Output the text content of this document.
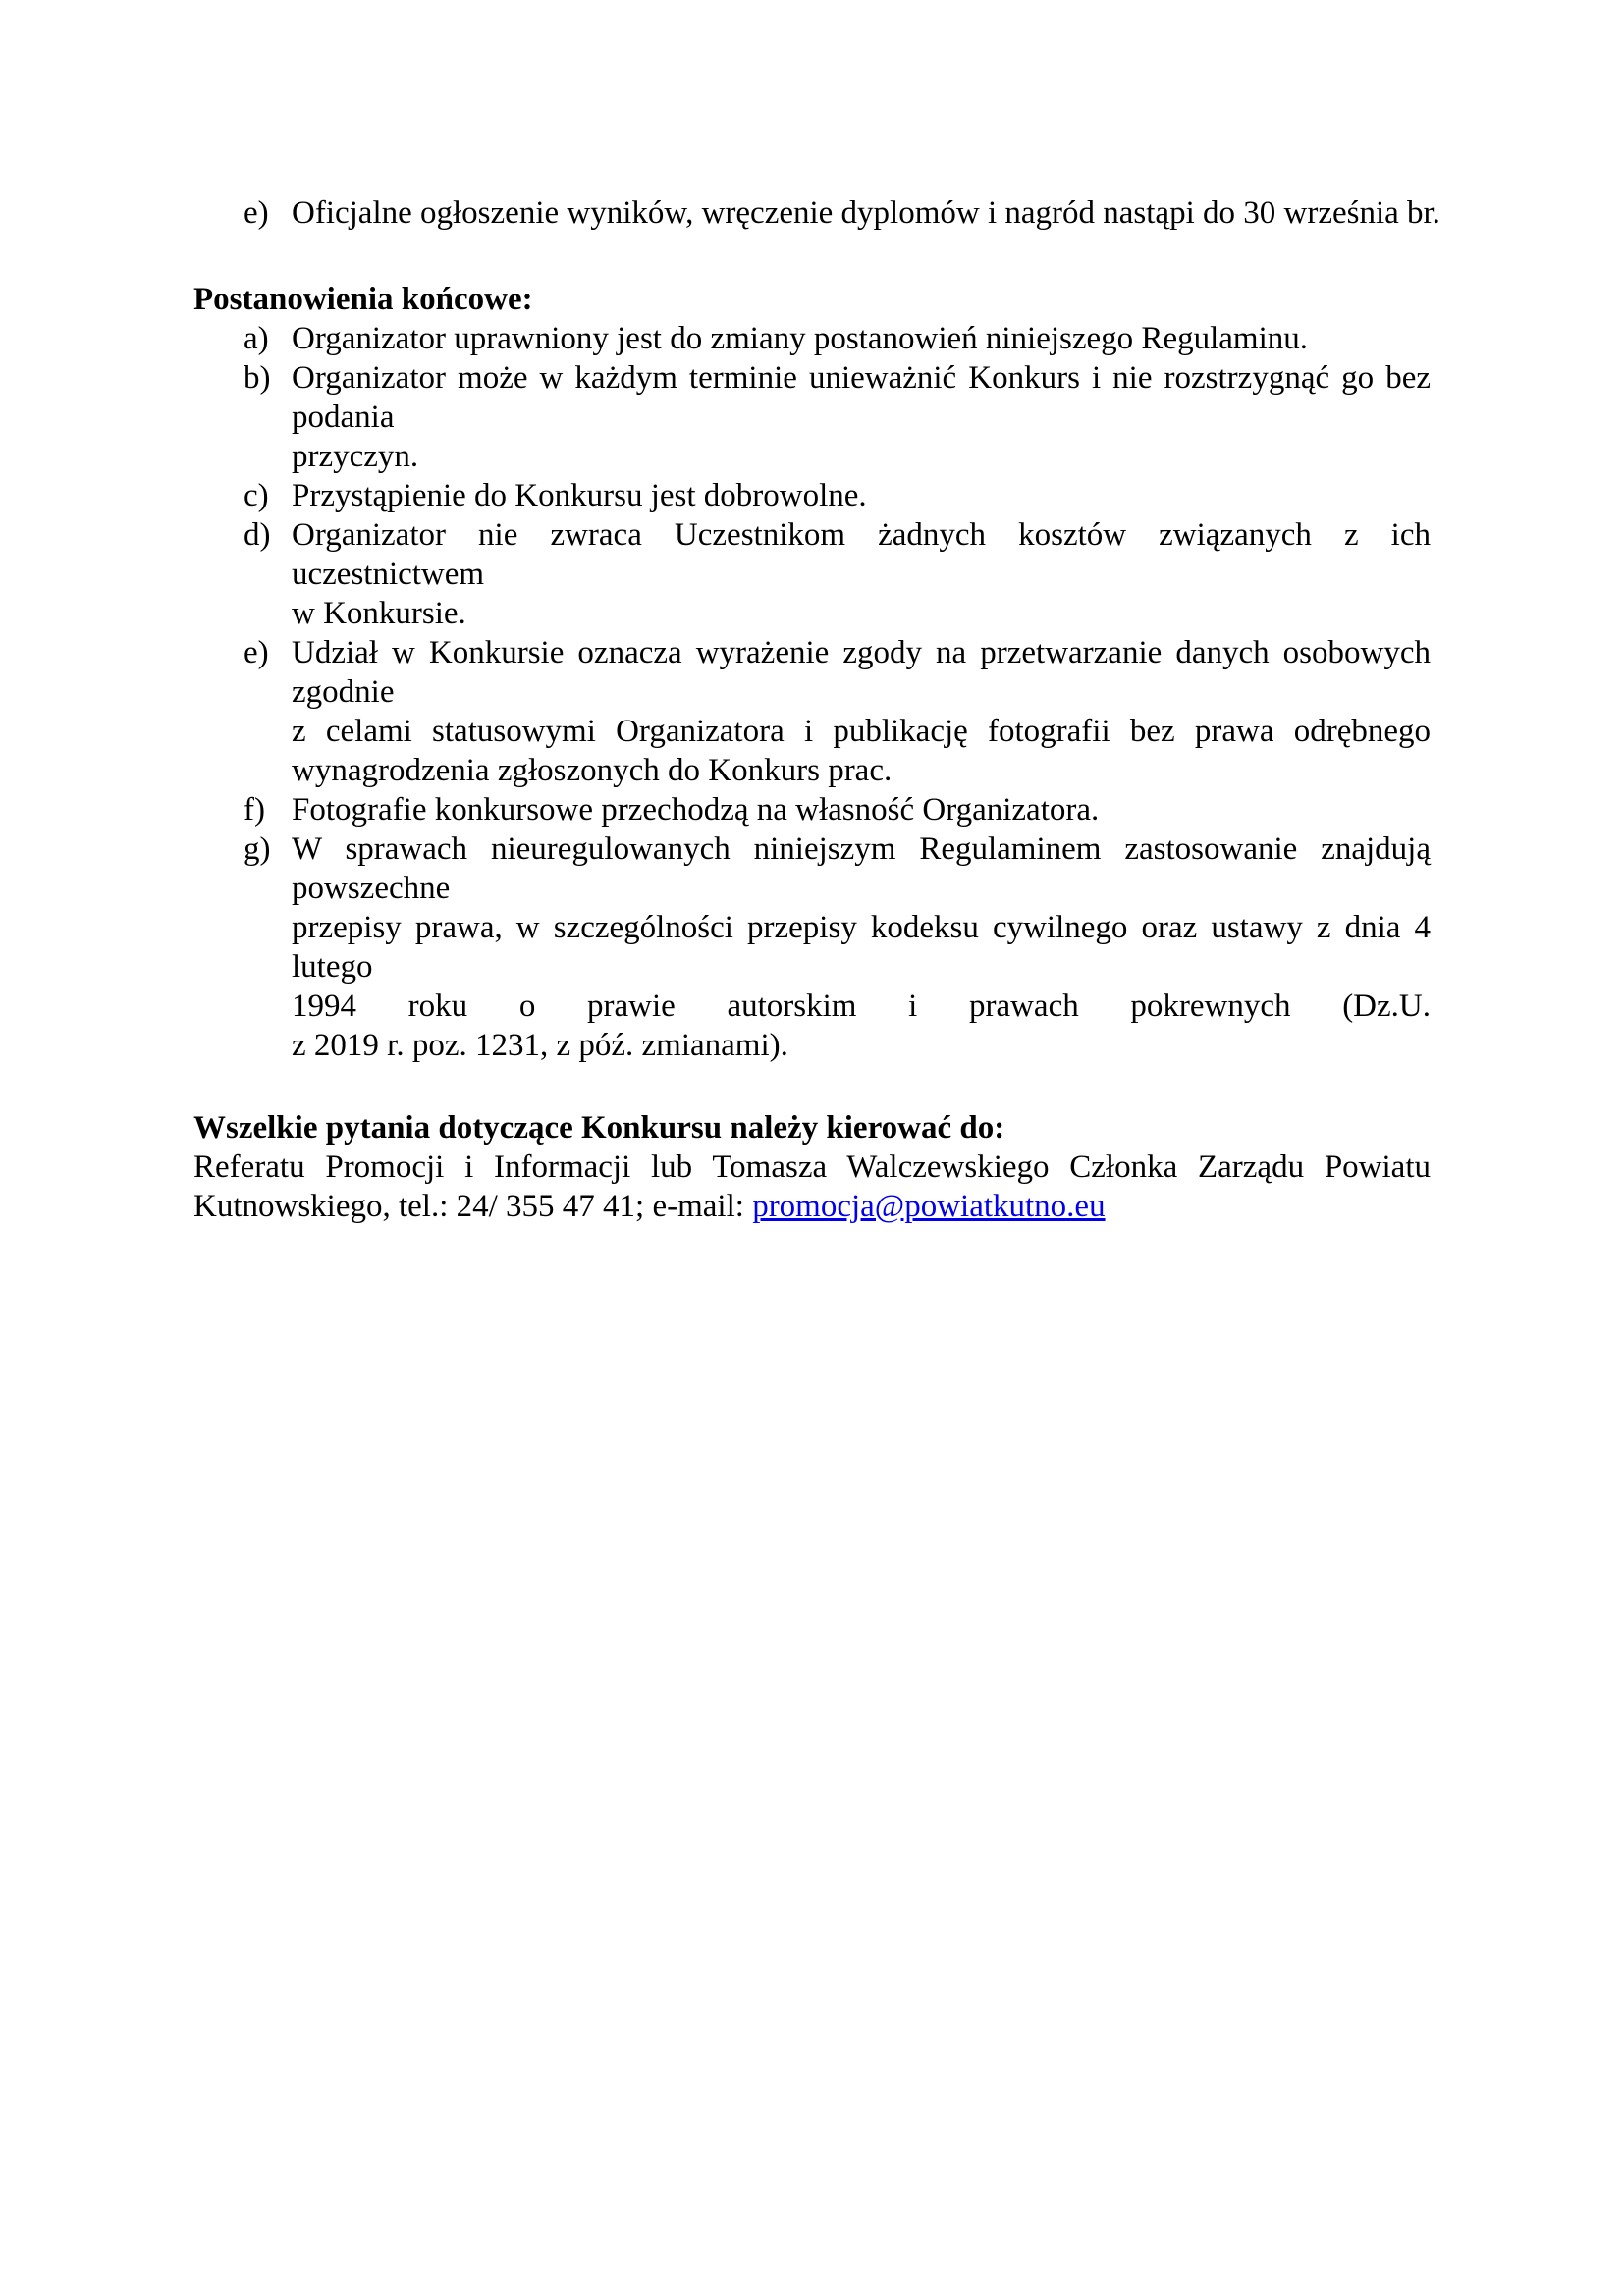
e) Oficjalne ogłoszenie wyników, wręczenie dyplomów i nagród nastąpi do 30 września br.
Postanowienia końcowe:
a) Organizator uprawniony jest do zmiany postanowień niniejszego Regulaminu.
b) Organizator może w każdym terminie unieważnić Konkurs i nie rozstrzygnąć go bez podania
przyczyn.
c) Przystąpienie do Konkursu jest dobrowolne.
d) Organizator nie zwraca Uczestnikom żadnych kosztów związanych z ich uczestnictwem
w Konkursie.
e) Udział w Konkursie oznacza wyrażenie zgody na przetwarzanie danych osobowych zgodnie
z celami statusowymi Organizatora i publikację fotografii bez prawa odrębnego
wynagrodzenia zgłoszonych do Konkurs prac.
f) Fotografie konkursowe przechodzą na własność Organizatora.
g) W sprawach nieuregulowanych niniejszym Regulaminem zastosowanie znajdują powszechne
przepisy prawa, w szczególności przepisy kodeksu cywilnego oraz ustawy z dnia 4 lutego
1994 roku o prawie autorskim i prawach pokrewnych (Dz.U.
z 2019 r. poz. 1231, z póź. zmianami).
Wszelkie pytania dotyczące Konkursu należy kierować do:
Referatu Promocji i Informacji lub Tomasza Walczewskiego Członka Zarządu Powiatu
Kutnowskiego, tel.: 24/ 355 47 41; e-mail: promocja@powiatkutno.eu
